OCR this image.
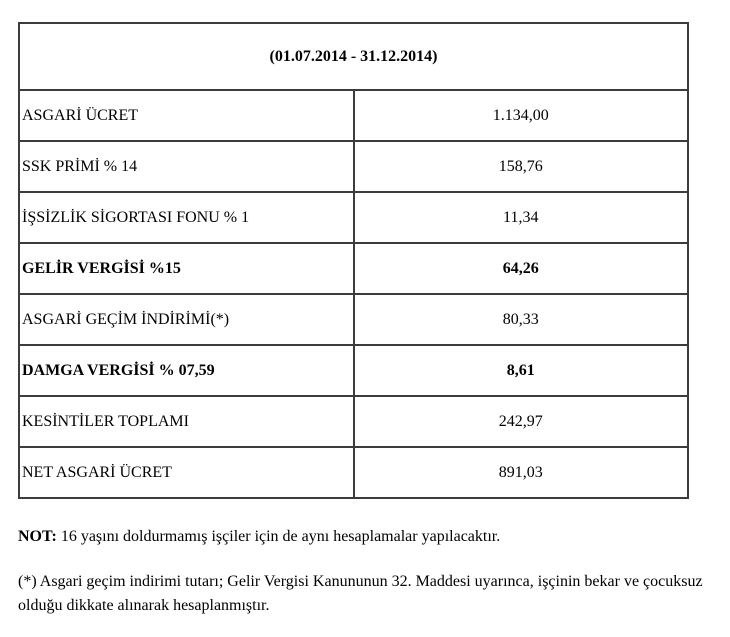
(01.07.2014 - 31.12.2014)	
ASGARİ ÜCRET	1.134,00
SSK PRİMİ % 14	158,76
İŞSİZLİK SİGORTASI FONU % 1	11,34
GELİR VERGİSİ %15	64,26
ASGARİ GEÇİM İNDİRİMİ(*)	80,33
DAMGA VERGİSİ % 07,59	8,61
KESİNTİLER TOPLAMI	242,97
NET ASGARİ ÜCRET	891,03

NOT: 16 yaşını doldurmamış işçiler için de aynı hesaplamalar yapılacaktır.

(*) Asgari geçim indirimi tutarı; Gelir Vergisi Kanununun 32. Maddesi uyarınca, işçinin bekar ve çocuksuz olduğu dikkate alınarak hesaplanmıştır.
